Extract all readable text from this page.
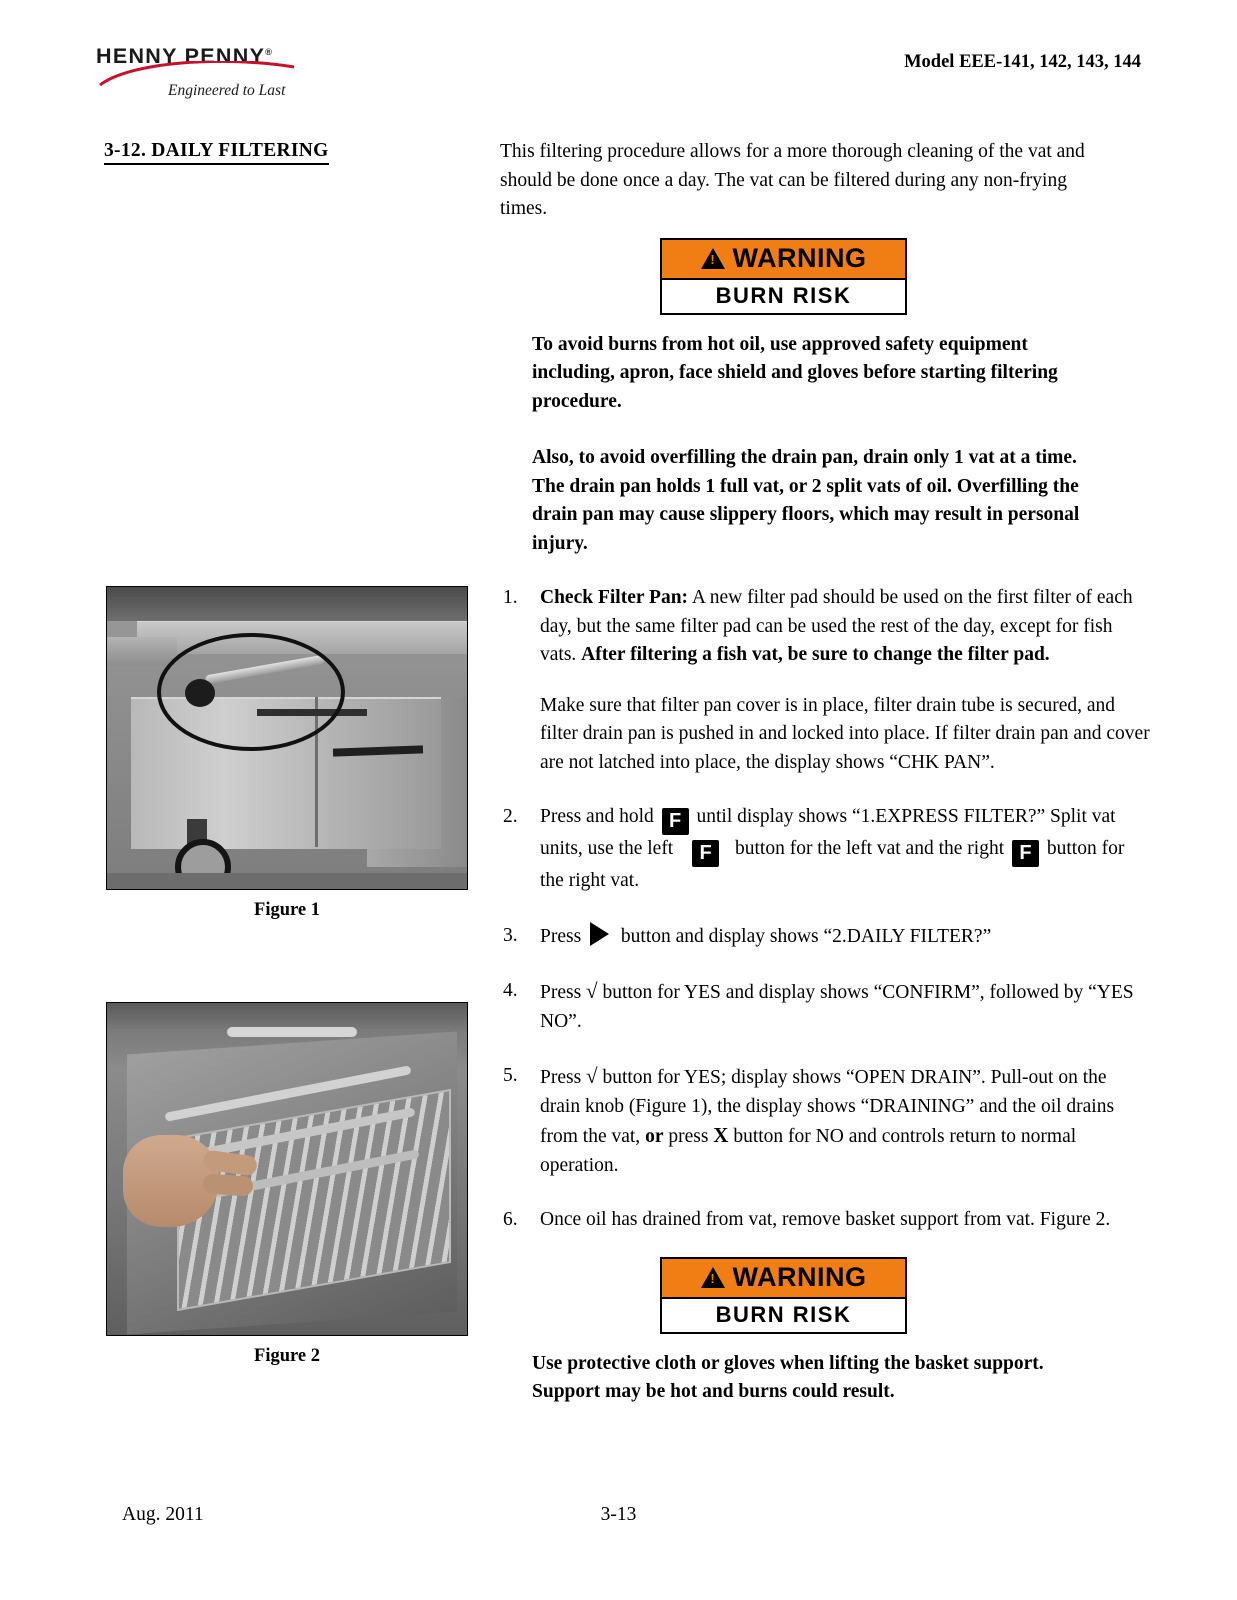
HENNY PENNY®
Engineered to Last
Model EEE-141, 142, 143, 144
3-12. DAILY FILTERING
Figure 1
Figure 2
This filtering procedure allows for a more thorough cleaning of the vat and should be done once a day. The vat can be filtered during any non-frying times.
!
WARNING
BURN RISK
To avoid burns from hot oil, use approved safety equipment including, apron, face shield and gloves before starting filtering procedure.
Also, to avoid overfilling the drain pan, drain only 1 vat at a time. The drain pan holds 1 full vat, or 2 split vats of oil. Overfilling the drain pan may cause slippery floors, which may result in personal injury.
1.	Check Filter Pan: A new filter pad should be used on the first filter of each day, but the same filter pad can be used the rest of the day, except for fish vats. After filtering a fish vat, be sure to change the filter pad.
Make sure that filter pan cover is in place, filter drain tube is secured, and filter drain pan is pushed in and locked into place. If filter drain pan and cover are not latched into place, the display shows “CHK PAN”.
2.	Press and hold F until display shows “1.EXPRESS FILTER?” Split vat units, use the left F button for the left vat and the right F button for the right vat.
3.	Press button and display shows “2.DAILY FILTER?”
4.	Press √ button for YES and display shows “CONFIRM”, followed by “YES NO”.
5.	Press √ button for YES; display shows “OPEN DRAIN”. Pull-out on the drain knob (Figure 1), the display shows “DRAINING” and the oil drains from the vat, or press X button for NO and controls return to normal operation.
6.	Once oil has drained from vat, remove basket support from vat. Figure 2.
!
WARNING
BURN RISK
Use protective cloth or gloves when lifting the basket support. Support may be hot and burns could result.
Aug. 2011	3-13
